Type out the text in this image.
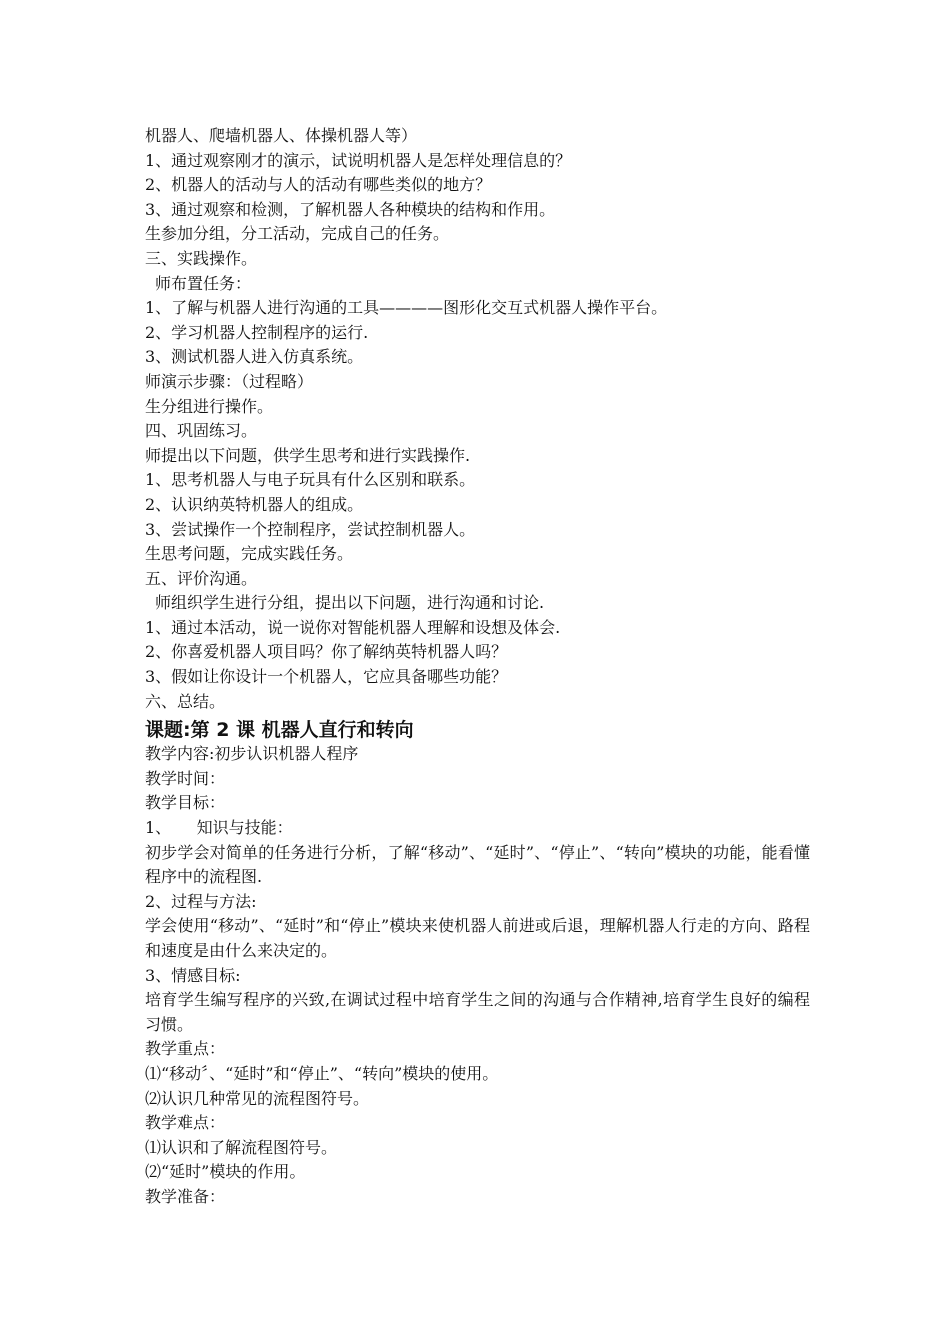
机器人、爬墙机器人、体操机器人等）
1、通过观察刚才的演示，试说明机器人是怎样处理信息的？
2、机器人的活动与人的活动有哪些类似的地方？
3、通过观察和检测，了解机器人各种模块的结构和作用。
生参加分组，分工活动，完成自己的任务。
三、实践操作。
师布置任务：
1、了解与机器人进行沟通的工具————图形化交互式机器人操作平台。
2、学习机器人控制程序的运行.
3、测试机器人进入仿真系统。
师演示步骤：（过程略）
生分组进行操作。
四、巩固练习。
师提出以下问题，供学生思考和进行实践操作.
1、思考机器人与电子玩具有什么区别和联系。
2、认识纳英特机器人的组成。
3、尝试操作一个控制程序，尝试控制机器人。
生思考问题，完成实践任务。
五、评价沟通。
师组织学生进行分组，提出以下问题，进行沟通和讨论.
1、通过本活动，说一说你对智能机器人理解和设想及体会.
2、你喜爱机器人项目吗？你了解纳英特机器人吗？
3、假如让你设计一个机器人，它应具备哪些功能？
六、总结。
课题:第 2 课 机器人直行和转向
教学内容:初步认识机器人程序
教学时间：
教学目标：
1、     知识与技能：
初步学会对简单的任务进行分析，了解“移动”、“延时”、“停止”、“转向”模块的功能，能看懂程序中的流程图.
2、过程与方法:
学会使用“移动”、“延时”和“停止”模块来使机器人前进或后退，理解机器人行走的方向、路程和速度是由什么来决定的。
3、情感目标:
培育学生编写程序的兴致,在调试过程中培育学生之间的沟通与合作精神,培育学生良好的编程习惯。
教学重点：
⑴“移动〞、“延时”和“停止”、“转向”模块的使用。
⑵认识几种常见的流程图符号。
教学难点：
⑴认识和了解流程图符号。
⑵“延时”模块的作用。
教学准备：
